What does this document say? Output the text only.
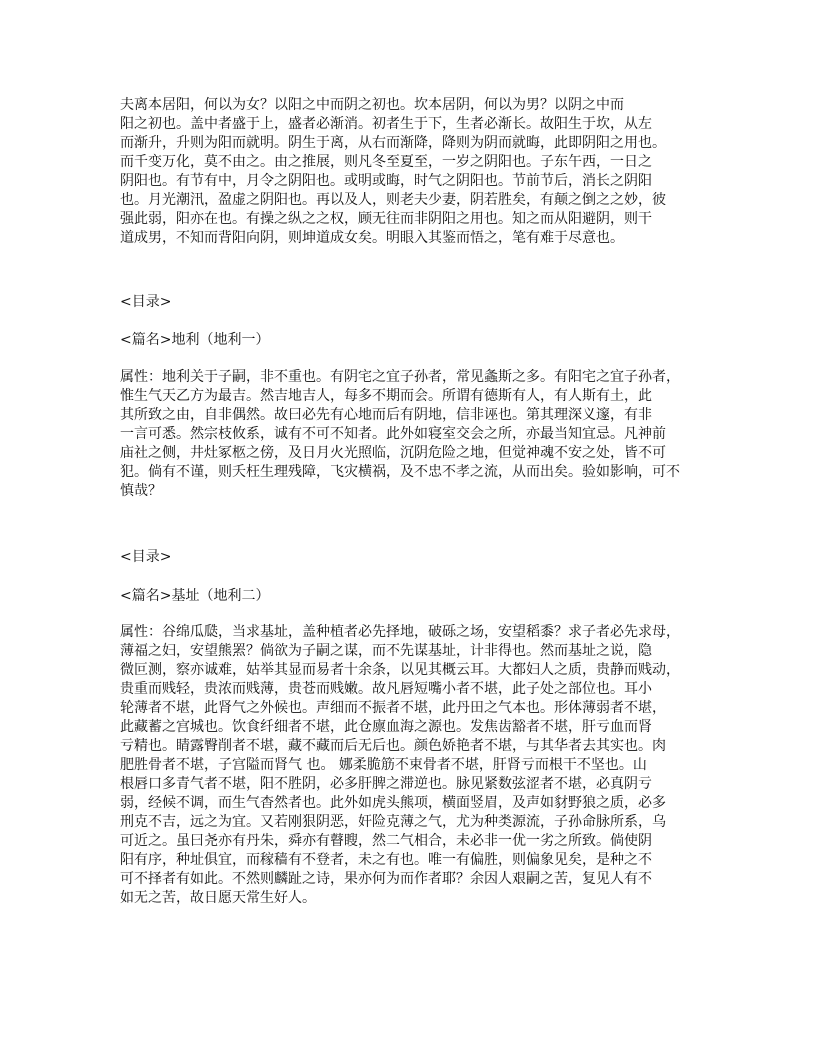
夫离本居阳，何以为女？以阳之中而阴之初也。坎本居阴，何以为男？以阴之中而
阳之初也。盖中者盛于上，盛者必渐消。初者生于下，生者必渐长。故阳生于坎，从左
而渐升，升则为阳而就明。阴生于离，从右而渐降，降则为阴而就晦，此即阴阳之用也。
而千变万化，莫不由之。由之推展，则凡冬至夏至，一岁之阴阳也。子东午西，一日之
阴阳也。有节有中，月令之阴阳也。或明或晦，时气之阴阳也。节前节后，消长之阴阳
也。月光潮汛，盈虚之阴阳也。再以及人，则老夫少妻，阴若胜矣，有颠之倒之之妙，彼
强此弱，阳亦在也。有操之纵之之权，顾无往而非阴阳之用也。知之而从阳避阴，则干
道成男，不知而背阳向阴，则坤道成女矣。明眼入其鉴而悟之，笔有难于尽意也。
<目录>
<篇名>地利（地利一）
属性：地利关于子嗣，非不重也。有阴宅之宜子孙者，常见螽斯之多。有阳宅之宜子孙者，
惟生气天乙方为最吉。然吉地吉人，每多不期而会。所谓有德斯有人，有人斯有土，此
其所致之由，自非偶然。故曰必先有心地而后有阴地，信非诬也。第其理深义邃，有非
一言可悉。然宗枝攸系，诚有不可不知者。此外如寝室交会之所，亦最当知宜忌。凡神前
庙社之侧，井灶冢柩之傍，及日月火光照临，沉阴危险之地，但觉神魂不安之处，皆不可
犯。倘有不谨，则夭枉生理残障，飞灾横祸，及不忠不孝之流，从而出矣。验如影响，可不
慎哉？
<目录>
<篇名>基址（地利二）
属性：谷绵瓜瓞，当求基址，盖种植者必先择地，破砾之场，安望稻黍？求子者必先求母，
薄福之妇，安望熊罴？倘欲为子嗣之谋，而不先谋基址，计非得也。然而基址之说，隐
微叵测，察亦诚难，姑举其显而易者十余条，以见其概云耳。大都妇人之质，贵静而贱动，
贵重而贱轻，贵浓而贱薄，贵苍而贱嫩。故凡唇短嘴小者不堪，此子处之部位也。耳小
轮薄者不堪，此肾气之外候也。声细而不振者不堪，此丹田之气本也。形体薄弱者不堪，
此藏蓄之宫城也。饮食纤细者不堪，此仓廪血海之源也。发焦齿豁者不堪，肝亏血而肾
亏精也。睛露臀削者不堪，藏不藏而后无后也。颜色娇艳者不堪，与其华者去其实也。肉
肥胜骨者不堪，子宫隘而肾气 也。 娜柔脆筋不束骨者不堪，肝肾亏而根干不坚也。山
根唇口多青气者不堪，阳不胜阴，必多肝脾之滞逆也。脉见紧数弦涩者不堪，必真阴亏
弱，经候不调，而生气杳然者也。此外如虎头熊项，横面竖眉，及声如豺野狼之质，必多
刑克不吉，远之为宜。又若刚狠阴恶，奸险克薄之气，尤为种类源流，子孙命脉所系，乌
可近之。虽曰尧亦有丹朱，舜亦有瞽瞍，然二气相合，未必非一优一劣之所致。倘使阴
阳有序，种址俱宜，而稼穑有不登者，未之有也。唯一有偏胜，则偏象见矣，是种之不
可不择者有如此。不然则麟趾之诗，果亦何为而作者耶？余因人艰嗣之苦，复见人有不
如无之苦，故日愿天常生好人。
